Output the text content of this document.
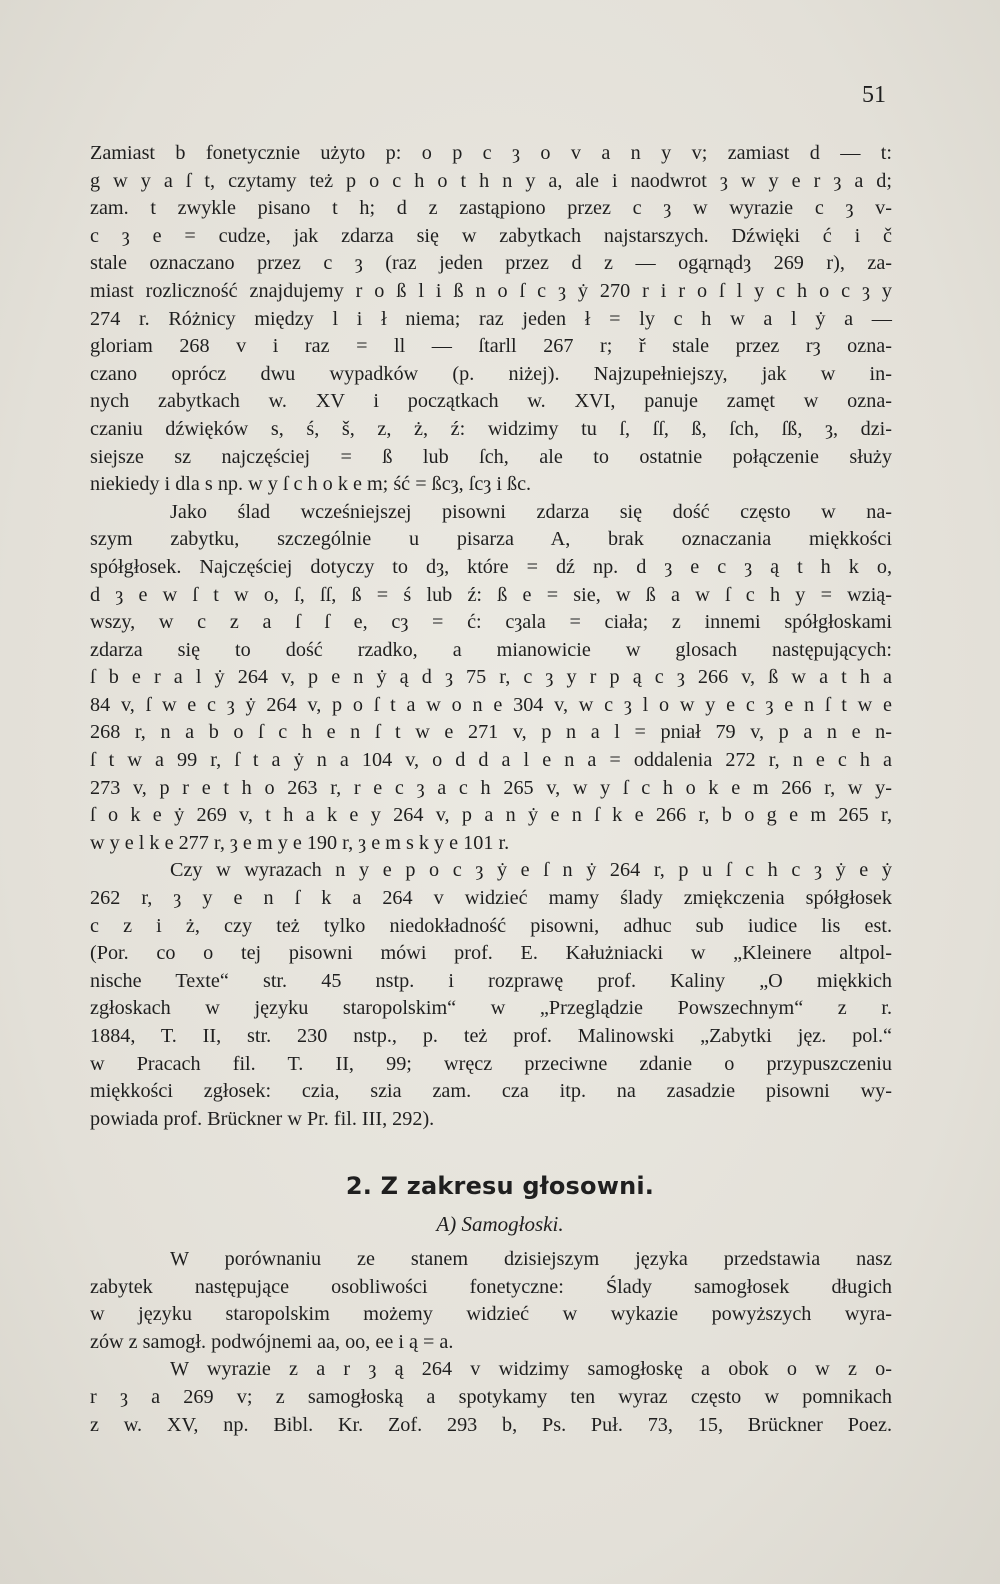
51

Zamiast b fonetycznie użyto p: o p c ȝ o v a n y v; zamiast d — t:
g w y a ſ t, czytamy też p o c h o t h n y a, ale i naodwrot ȝ w y e r ȝ a d;
zam. t zwykle pisano t h; d z zastąpiono przez c ȝ w wyrazie c ȝ v-
c ȝ e = cudze, jak zdarza się w zabytkach najstarszych. Dźwięki ć i č
stale oznaczano przez c ȝ (raz jeden przez d z — ogąrnądȝ 269 r), za-
miast rozliczność znajdujemy r o ß l i ß n o ſ c ȝ ẏ 270 r i r o ſ l y c h o c ȝ y
274 r. Różnicy między l i ł niema; raz jeden ł = ly c h w a l ẏ a —
gloriam 268 v i raz = ll — ſtarll 267 r; ř stale przez rȝ ozna-
czano oprócz dwu wypadków (p. niżej). Najzupełniejszy, jak w in-
nych zabytkach w. XV i początkach w. XVI, panuje zamęt w ozna-
czaniu dźwięków s, ś, š, z, ż, ź: widzimy tu ſ, ſſ, ß, ſch, ſß, ȝ, dzi-
siejsze sz najczęściej = ß lub ſch, ale to ostatnie połączenie służy
niekiedy i dla s np. w y ſ c h o k e m; ść = ßcȝ, ſcȝ i ßc.

Jako ślad wcześniejszej pisowni zdarza się dość często w na-
szym zabytku, szczególnie u pisarza A, brak oznaczania miękkości
spółgłosek. Najczęściej dotyczy to dȝ, które = dź np. d ȝ e c ȝ ą t h k o,
d ȝ e w ſ t w o, ſ, ſſ, ß = ś lub ź: ß e = sie, w ß a w ſ c h y = wzią-
wszy, w c z a ſ ſ e, cȝ = ć: cȝala = ciała; z innemi spółgłoskami
zdarza się to dość rzadko, a mianowicie w glosach następujących:
ſ b e r a l ẏ 264 v, p e n ẏ ą d ȝ 75 r, c ȝ y r p ą c ȝ 266 v, ß w a t h a
84 v, ſ w e c ȝ ẏ 264 v, p o ſ t a w o n e 304 v, w c ȝ l o w y e c ȝ e n ſ t w e
268 r, n a b o ſ c h e n ſ t w e 271 v, p n a l = pniał 79 v, p a n e n-
ſ t w a 99 r, ſ t a ẏ n a 104 v, o d d a l e n a = oddalenia 272 r, n e c h a
273 v, p r e t h o 263 r, r e c ȝ a c h 265 v, w y ſ c h o k e m 266 r, w y-
ſ o k e ẏ 269 v, t h a k e y 264 v, p a n ẏ e n ſ k e 266 r, b o g e m 265 r,
w y e l k e 277 r, ȝ e m y e 190 r, ȝ e m s k y e 101 r.

Czy w wyrazach n y e p o c ȝ ẏ e ſ n ẏ 264 r, p u ſ c h c ȝ ẏ e ẏ
262 r, ȝ y e n ſ k a 264 v widzieć mamy ślady zmiękczenia spółgłosek
c z i ż, czy też tylko niedokładność pisowni, adhuc sub iudice lis est.
(Por. co o tej pisowni mówi prof. E. Kałużniacki w „Kleinere altpol-
nische Texte“ str. 45 nstp. i rozprawę prof. Kaliny „O miękkich
zgłoskach w języku staropolskim“ w „Przeglądzie Powszechnym“ z r.
1884, T. II, str. 230 nstp., p. też prof. Malinowski „Zabytki jęz. pol.“
w Pracach fil. T. II, 99; wręcz przeciwne zdanie o przypuszczeniu
miękkości zgłosek: czia, szia zam. cza itp. na zasadzie pisowni wy-
powiada prof. Brückner w Pr. fil. III, 292).

2. Z zakresu głosowni.
A) Samogłoski.

W porównaniu ze stanem dzisiejszym języka przedstawia nasz
zabytek następujące osobliwości fonetyczne: Ślady samogłosek długich
w języku staropolskim możemy widzieć w wykazie powyższych wyra-
zów z samogł. podwójnemi aa, oo, ee i ą = a.

W wyrazie z a r ȝ ą 264 v widzimy samogłoskę a obok o w z o-
r ȝ a 269 v; z samogłoską a spotykamy ten wyraz często w pomnikach
z w. XV, np. Bibl. Kr. Zof. 293 b, Ps. Puł. 73, 15, Brückner Poez.
